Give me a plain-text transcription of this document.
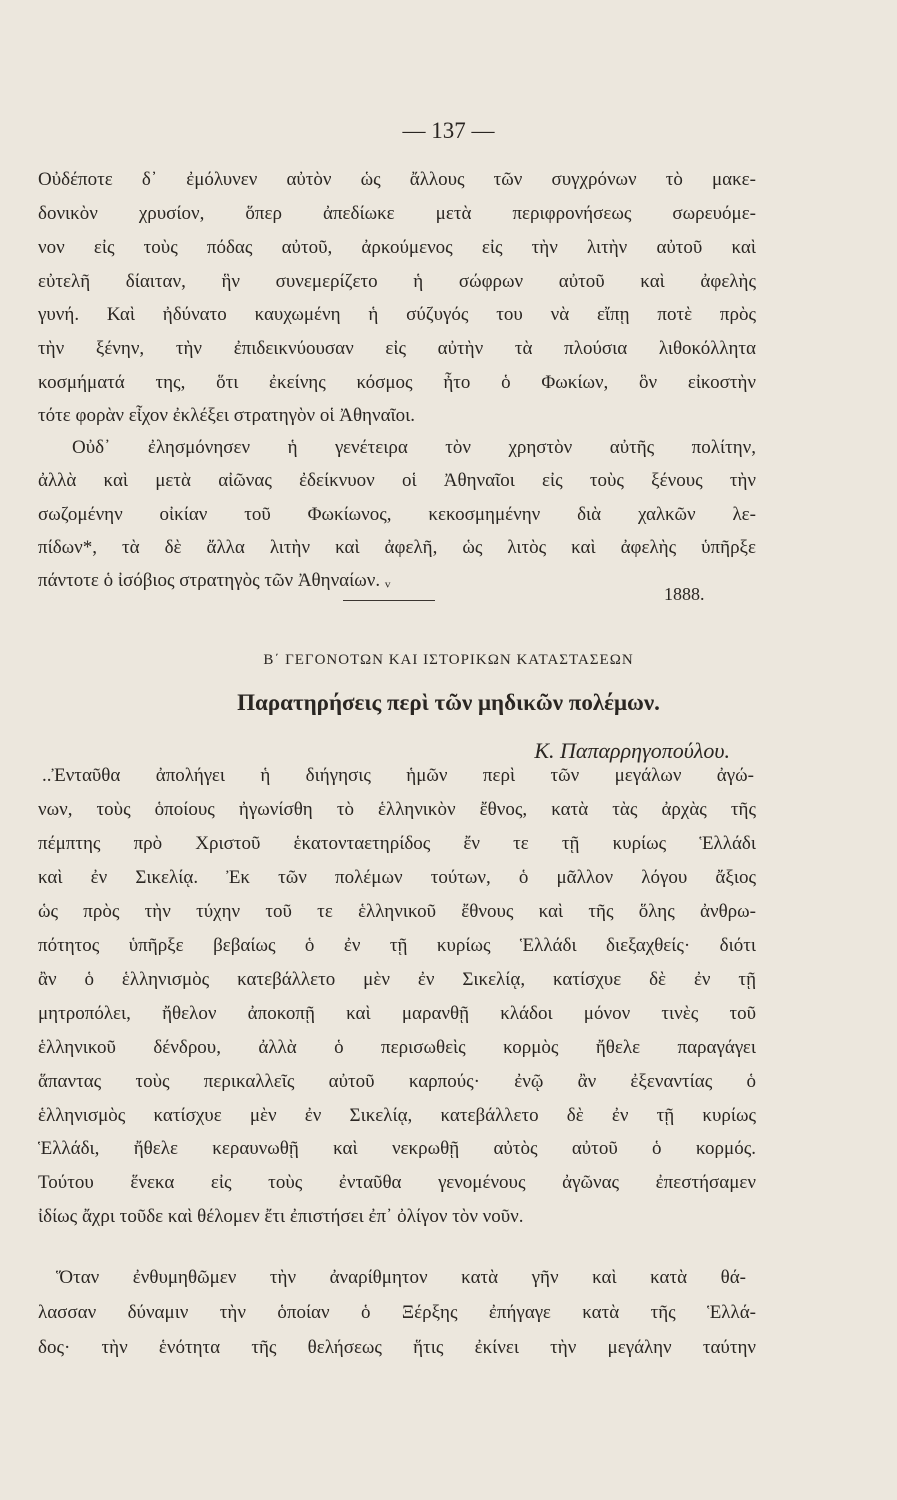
— 137 —
Οὐδέποτε δ᾽ ἐμόλυνεν αὐτὸν ὡς ἄλλους τῶν συγχρόνων τὸ μακε-
δονικὸν χρυσίον, ὅπερ ἀπεδίωκε μετὰ περιφρονήσεως σωρευόμε-
νον εἰς τοὺς πόδας αὐτοῦ, ἀρκούμενος εἰς τὴν λιτὴν αὐτοῦ καὶ
εὐτελῆ δίαιταν, ἣν συνεμερίζετο ἡ σώφρων αὐτοῦ καὶ ἀφελὴς
γυνή. Καὶ ἠδύνατο καυχωμένη ἡ σύζυγός του νὰ εἴπῃ ποτὲ πρὸς
τὴν ξένην, τὴν ἐπιδεικνύουσαν εἰς αὐτὴν τὰ πλούσια λιθοκόλλητα
κοσμήματά της, ὅτι ἐκείνης κόσμος ἦτο ὁ Φωκίων, ὃν εἰκοστὴν
τότε φορὰν εἶχον ἐκλέξει στρατηγὸν οἱ Ἀθηναῖοι.
Οὐδ᾽ ἐλησμόνησεν ἡ γενέτειρα τὸν χρηστὸν αὐτῆς πολίτην,
ἀλλὰ καὶ μετὰ αἰῶνας ἐδείκνυον οἱ Ἀθηναῖοι εἰς τοὺς ξένους τὴν
σωζομένην οἰκίαν τοῦ Φωκίωνος, κεκοσμημένην διὰ χαλκῶν λε-
πίδων*, τὰ δὲ ἄλλα λιτὴν καὶ ἀφελῆ, ὡς λιτὸς καὶ ἀφελὴς ὑπῆρξε
πάντοτε ὁ ἰσόβιος στρατηγὸς τῶν Ἀθηναίων. ᵥ
1888.
Β΄ ΓΕΓΟΝΟΤΩΝ ΚΑΙ ΙΣΤΟΡΙΚΩΝ ΚΑΤΑΣΤΑΣΕΩΝ
Παρατηρήσεις περὶ τῶν μηδικῶν πολέμων.
Κ. Παπαρρηγοπούλου.
..Ἐνταῦθα ἀπολήγει ἡ διήγησις ἡμῶν περὶ τῶν μεγάλων ἀγώ-
νων, τοὺς ὁποίους ἠγωνίσθη τὸ ἑλληνικὸν ἔθνος, κατὰ τὰς ἀρχὰς τῆς
πέμπτης πρὸ Χριστοῦ ἑκατονταετηρίδος ἔν τε τῇ κυρίως Ἑλλάδι
καὶ ἐν Σικελίᾳ. Ἐκ τῶν πολέμων τούτων, ὁ μᾶλλον λόγου ἄξιος
ὡς πρὸς τὴν τύχην τοῦ τε ἑλληνικοῦ ἔθνους καὶ τῆς ὅλης ἀνθρω-
πότητος ὑπῆρξε βεβαίως ὁ ἐν τῇ κυρίως Ἑλλάδι διεξαχθείς· διότι
ἂν ὁ ἑλληνισμὸς κατεβάλλετο μὲν ἐν Σικελίᾳ, κατίσχυε δὲ ἐν τῇ
μητροπόλει, ἤθελον ἀποκοπῇ καὶ μαρανθῇ κλάδοι μόνον τινὲς τοῦ
ἑλληνικοῦ δένδρου, ἀλλὰ ὁ περισωθεὶς κορμὸς ἤθελε παραγάγει
ἅπαντας τοὺς περικαλλεῖς αὐτοῦ καρπούς· ἐνῷ ἂν ἐξεναντίας ὁ
ἑλληνισμὸς κατίσχυε μὲν ἐν Σικελίᾳ, κατεβάλλετο δὲ ἐν τῇ κυρίως
Ἑλλάδι, ἤθελε κεραυνωθῇ καὶ νεκρωθῇ αὐτὸς αὐτοῦ ὁ κορμός.
Τούτου ἕνεκα εἰς τοὺς ἐνταῦθα γενομένους ἀγῶνας ἐπεστήσαμεν
ἰδίως ἄχρι τοῦδε καὶ θέλομεν ἔτι ἐπιστήσει ἐπ᾽ ὀλίγον τὸν νοῦν.
Ὅταν ἐνθυμηθῶμεν τὴν ἀναρίθμητον κατὰ γῆν καὶ κατὰ θά-
λασσαν δύναμιν τὴν ὁποίαν ὁ Ξέρξης ἐπήγαγε κατὰ τῆς Ἑλλά-
δος· τὴν ἑνότητα τῆς θελήσεως ἥτις ἐκίνει τὴν μεγάλην ταύτην
